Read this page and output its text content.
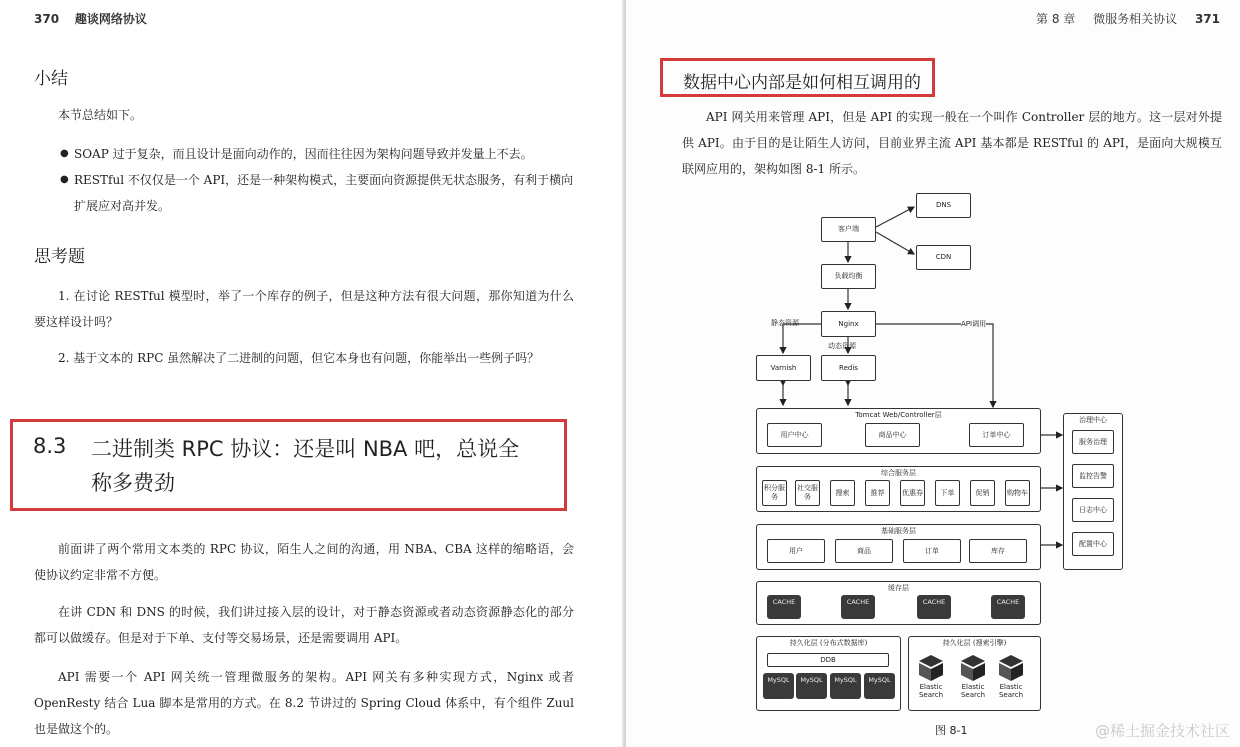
370 趣谈网络协议
小结

本节总结如下。

● SOAP 过于复杂，而且设计是面向动作的，因而往往因为架构问题导致并发量上不去。
● RESTful 不仅仅是一个 API，还是一种架构模式，主要面向资源提供无状态服务，有利于横向扩展应对高并发。
思考题

1. 在讨论 RESTful 模型时，举了一个库存的例子，但是这种方法有很大问题，那你知道为什么要这样设计吗？

2. 基于文本的 RPC 虽然解决了二进制的问题，但它本身也有问题，你能举出一些例子吗？

8.3 二进制类 RPC 协议：还是叫 NBA 吧，总说全
称多费劲

前面讲了两个常用文本类的 RPC 协议，陌生人之间的沟通，用 NBA、CBA 这样的缩略语，会使协议约定非常不方便。

在讲 CDN 和 DNS 的时候，我们讲过接入层的设计，对于静态资源或者动态资源静态化的部分都可以做缓存。但是对于下单、支付等交易场景，还是需要调用 API。

API 需要一个 API 网关统一管理微服务的架构。API 网关有多种实现方式，Nginx 或者 OpenResty 结合 Lua 脚本是常用的方式。在 8.2 节讲过的 Spring Cloud 体系中，有个组件 Zuul 也是做这个的。

第 8 章 微服务相关协议 371
数据中心内部是如何相互调用的

API 网关用来管理 API，但是 API 的实现一般在一个叫作 Controller 层的地方。这一层对外提供 API。由于目的是让陌生人访问，目前业界主流 API 基本都是 RESTful 的 API，是面向大规模互联网应用的，架构如图 8-1 所示。

客户端
DNS
CDN
负载均衡
Nginx
静态资源
动态资源
API调用
Varnish	Redis
Tomcat Web/Controller层
用户中心	商品中心	订单中心
综合服务层
积分服务
社交服务
搜索	推荐	优惠券	下单	促销	购物车
基础服务层
用户	商品	订单	库存
缓存层
CACHE	CACHE	CACHE	CACHE
持久化层 (分布式数据库)
DDB
MySQL	MySQL	MySQL	MySQL
持久化层 (搜索引擎)
Elastic Search
Elastic Search
Elastic Search
治理中心
服务治理
监控告警
日志中心
配置中心
图 8-1	@稀土掘金技术社区
